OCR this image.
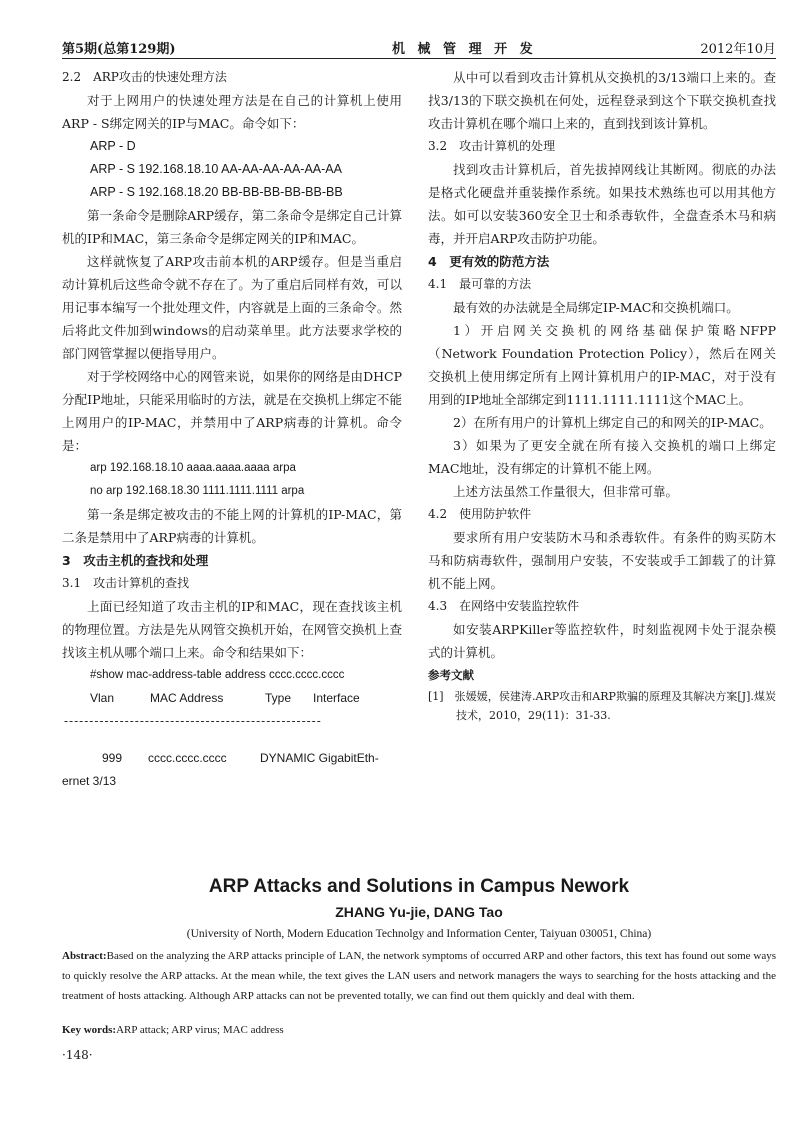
第5期(总第129期)	机 械 管 理 开 发	2012年10月

2.2　ARP攻击的快速处理方法

对于上网用户的快速处理方法是在自己的计算机上使用ARP - S绑定网关的IP与MAC。命令如下：

ARP - D

ARP - S 192.168.18.10 AA-AA-AA-AA-AA-AA

ARP - S 192.168.18.20 BB-BB-BB-BB-BB-BB

第一条命令是删除ARP缓存，第二条命令是绑定自己计算机的IP和MAC，第三条命令是绑定网关的IP和MAC。

这样就恢复了ARP攻击前本机的ARP缓存。但是当重启动计算机后这些命令就不存在了。为了重启后同样有效，可以用记事本编写一个批处理文件，内容就是上面的三条命令。然后将此文件加到windows的启动菜单里。此方法要求学校的部门网管掌握以便指导用户。

对于学校网络中心的网管来说，如果你的网络是由DHCP分配IP地址，只能采用临时的方法，就是在交换机上绑定不能上网用户的IP-MAC，并禁用中了ARP病毒的计算机。命令是：

arp 192.168.18.10 aaaa.aaaa.aaaa arpa

no arp 192.168.18.30 1111.1111.1111 arpa

第一条是绑定被攻击的不能上网的计算机的IP-MAC，第二条是禁用中了ARP病毒的计算机。

3　攻击主机的查找和处理

3.1　攻击计算机的查找

上面已经知道了攻击主机的IP和MAC，现在查找该主机的物理位置。方法是先从网管交换机开始，在网管交换机上查找该主机从哪个端口上来。命令和结果如下：

#show mac-address-table address cccc.cccc.cccc

Vlan	MAC Address	Type	Interface

---------------------------------------------------

999	cccc.cccc.cccc	DYNAMIC GigabitEth-

ernet 3/13

从中可以看到攻击计算机从交换机的3/13端口上来的。查找3/13的下联交换机在何处，远程登录到这个下联交换机查找攻击计算机在哪个端口上来的，直到找到该计算机。

3.2　攻击计算机的处理

找到攻击计算机后，首先拔掉网线让其断网。彻底的办法是格式化硬盘并重装操作系统。如果技术熟练也可以用其他方法。如可以安装360安全卫士和杀毒软件，全盘查杀木马和病毒，并开启ARP攻击防护功能。

4　更有效的防范方法

4.1　最可靠的方法

最有效的办法就是全局绑定IP-MAC和交换机端口。

1）开启网关交换机的网络基础保护策略NFPP（Network Foundation Protection Policy），然后在网关交换机上使用绑定所有上网计算机用户的IP-MAC，对于没有用到的IP地址全部绑定到1111.1111.1111这个MAC上。

2）在所有用户的计算机上绑定自己的和网关的IP-MAC。

3）如果为了更安全就在所有接入交换机的端口上绑定MAC地址，没有绑定的计算机不能上网。

上述方法虽然工作量很大，但非常可靠。

4.2　使用防护软件

要求所有用户安装防木马和杀毒软件。有条件的购买防木马和防病毒软件，强制用户安装，不安装或手工卸载了的计算机不能上网。

4.3　在网络中安装监控软件

如安装ARPKiller等监控软件，时刻监视网卡处于混杂模式的计算机。

参考文献

[1]　张媛媛，侯建涛.ARP攻击和ARP欺骗的原理及其解决方案[J].煤炭技术，2010，29(11)：31-33.

ARP Attacks and Solutions in Campus Nework
ZHANG Yu-jie, DANG Tao
(University of North, Modern Education Technolgy and Information Center, Taiyuan 030051, China)
Abstract:Based on the analyzing the ARP attacks principle of LAN, the network symptoms of occurred ARP and other factors, this text has found out some ways to quickly resolve the ARP attacks. At the mean while, the text gives the LAN users and network managers the ways to searching for the hosts attacking and the treatment of hosts attacking. Although ARP attacks can not be prevented totally, we can find out them quickly and deal with them.
Key words:ARP attack; ARP virus; MAC address
·148·
